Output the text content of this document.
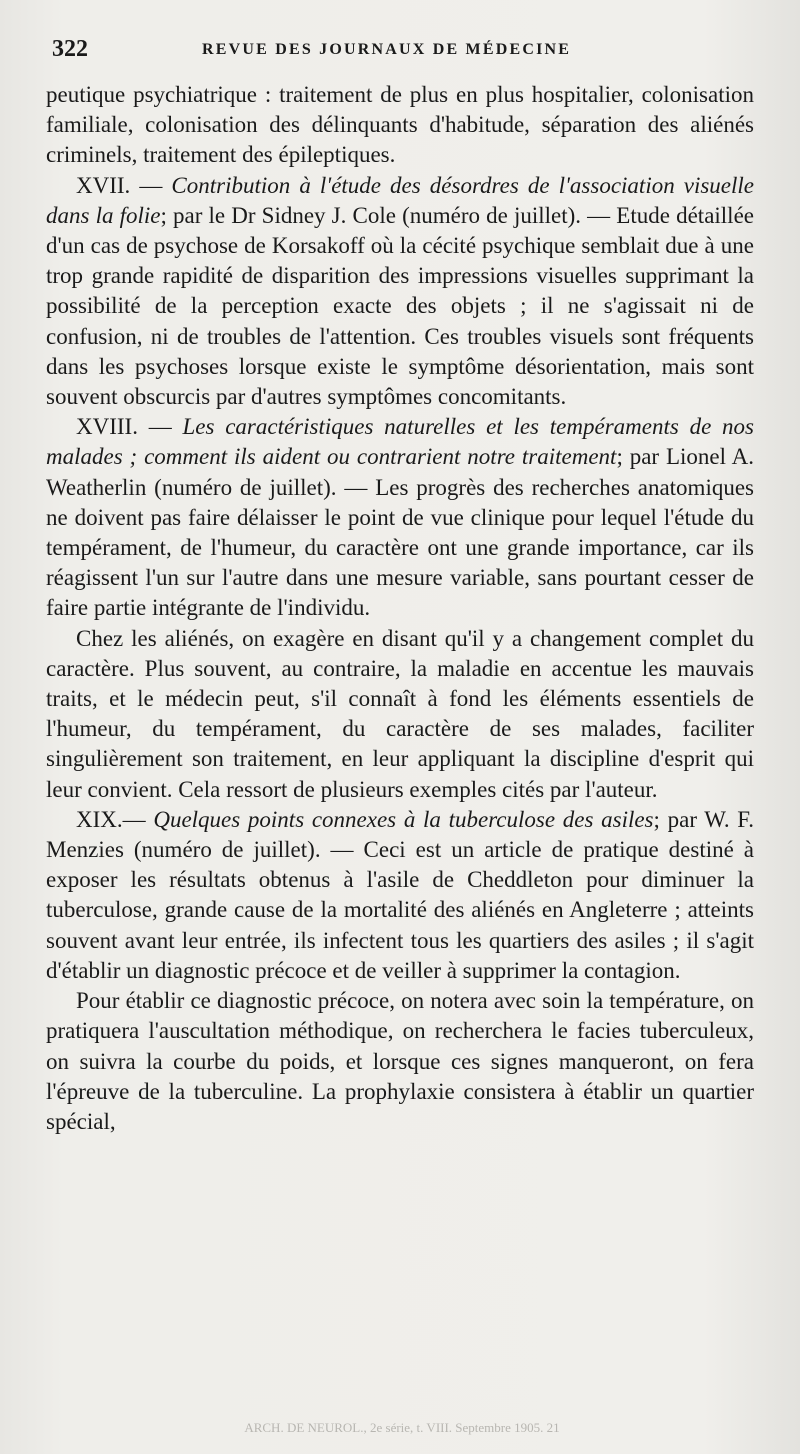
322	REVUE DES JOURNAUX DE MÉDECINE

peutique psychiatrique : traitement de plus en plus hospitalier, colonisation familiale, colonisation des délinquants d'habitude, séparation des aliénés criminels, traitement des épileptiques.

XVII. — Contribution à l'étude des désordres de l'association visuelle dans la folie; par le Dr Sidney J. Cole (numéro de juillet). — Etude détaillée d'un cas de psychose de Korsakoff où la cécité psychique semblait due à une trop grande rapidité de disparition des impressions visuelles supprimant la possibilité de la perception exacte des objets ; il ne s'agissait ni de confusion, ni de troubles de l'attention. Ces troubles visuels sont fréquents dans les psychoses lorsque existe le symptôme désorientation, mais sont souvent obscurcis par d'autres symptômes concomitants.

XVIII. — Les caractéristiques naturelles et les tempéraments de nos malades ; comment ils aident ou contrarient notre traitement; par Lionel A. Weatherlin (numéro de juillet). — Les progrès des recherches anatomiques ne doivent pas faire délaisser le point de vue clinique pour lequel l'étude du tempérament, de l'humeur, du caractère ont une grande importance, car ils réagissent l'un sur l'autre dans une mesure variable, sans pourtant cesser de faire partie intégrante de l'individu.

Chez les aliénés, on exagère en disant qu'il y a changement complet du caractère. Plus souvent, au contraire, la maladie en accentue les mauvais traits, et le médecin peut, s'il connaît à fond les éléments essentiels de l'humeur, du tempérament, du caractère de ses malades, faciliter singulièrement son traitement, en leur appliquant la discipline d'esprit qui leur convient. Cela ressort de plusieurs exemples cités par l'auteur.

XIX.— Quelques points connexes à la tuberculose des asiles; par W. F. Menzies (numéro de juillet). — Ceci est un article de pratique destiné à exposer les résultats obtenus à l'asile de Cheddleton pour diminuer la tuberculose, grande cause de la mortalité des aliénés en Angleterre ; atteints souvent avant leur entrée, ils infectent tous les quartiers des asiles ; il s'agit d'établir un diagnostic précoce et de veiller à supprimer la contagion.

Pour établir ce diagnostic précoce, on notera avec soin la température, on pratiquera l'auscultation méthodique, on recherchera le facies tuberculeux, on suivra la courbe du poids, et lorsque ces signes manqueront, on fera l'épreuve de la tuberculine. La prophylaxie consistera à établir un quartier spécial,

ARCH. DE NEUROL., 2e série, t. VIII. Septembre 1905. 21
